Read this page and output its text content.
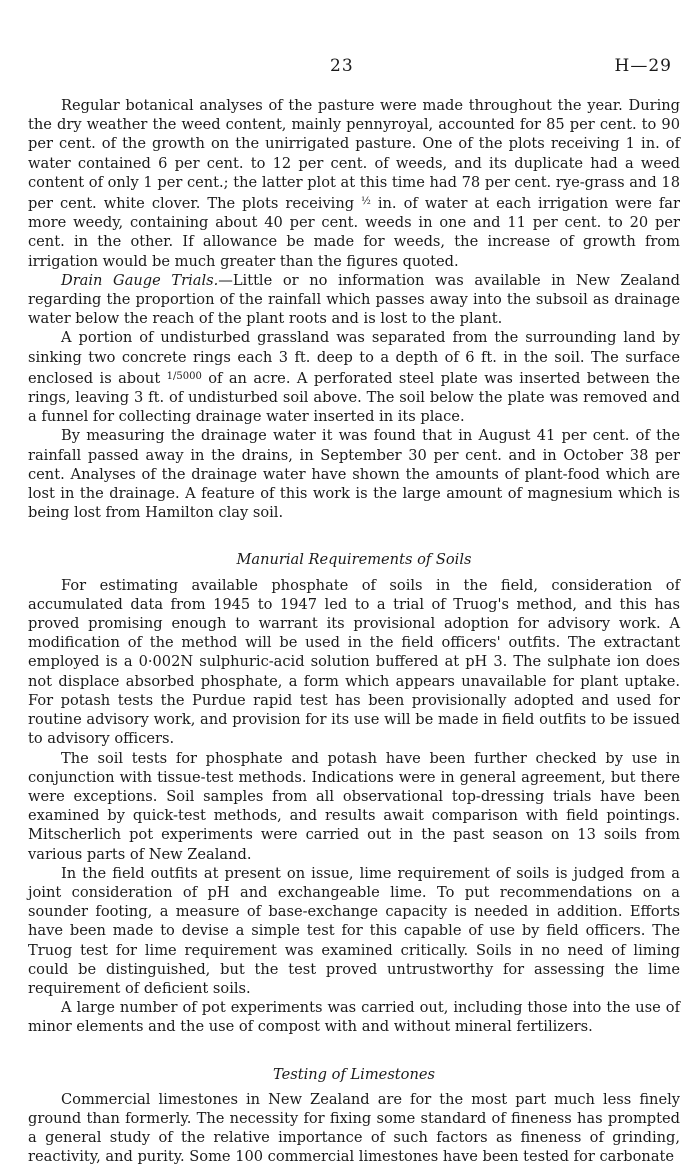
23	H—29

Regular botanical analyses of the pasture were made throughout the year. During the dry weather the weed content, mainly pennyroyal, accounted for 85 per cent. to 90 per cent. of the growth on the unirrigated pasture. One of the plots receiving 1 in. of water contained 6 per cent. to 12 per cent. of weeds, and its duplicate had a weed content of only 1 per cent.; the latter plot at this time had 78 per cent. rye-grass and 18 per cent. white clover. The plots receiving $^{\frac{1}{2}}$ in. of water at each irrigation were far more weedy, containing about 40 per cent. weeds in one and 11 per cent. to 20 per cent. in the other. If allowance be made for weeds, the increase of growth from irrigation would be much greater than the figures quoted.

Drain Gauge Trials.—Little or no information was available in New Zealand regarding the proportion of the rainfall which passes away into the subsoil as drainage water below the reach of the plant roots and is lost to the plant.

A portion of undisturbed grassland was separated from the surrounding land by sinking two concrete rings each 3 ft. deep to a depth of 6 ft. in the soil. The surface enclosed is about $^{1/5000}$ of an acre. A perforated steel plate was inserted between the rings, leaving 3 ft. of undisturbed soil above. The soil below the plate was removed and a funnel for collecting drainage water inserted in its place.

By measuring the drainage water it was found that in August 41 per cent. of the rainfall passed away in the drains, in September 30 per cent. and in October 38 per cent. Analyses of the drainage water have shown the amounts of plant-food which are lost in the drainage. A feature of this work is the large amount of magnesium which is being lost from Hamilton clay soil.

Manurial Requirements of Soils

For estimating available phosphate of soils in the field, consideration of accumulated data from 1945 to 1947 led to a trial of Truog's method, and this has proved promising enough to warrant its provisional adoption for advisory work. A modification of the method will be used in the field officers' outfits. The extractant employed is a 0·002N sulphuric-acid solution buffered at pH 3. The sulphate ion does not displace absorbed phosphate, a form which appears unavailable for plant uptake. For potash tests the Purdue rapid test has been provisionally adopted and used for routine advisory work, and provision for its use will be made in field outfits to be issued to advisory officers.

The soil tests for phosphate and potash have been further checked by use in conjunction with tissue-test methods. Indications were in general agreement, but there were exceptions. Soil samples from all observational top-dressing trials have been examined by quick-test methods, and results await comparison with field pointings. Mitscherlich pot experiments were carried out in the past season on 13 soils from various parts of New Zealand.

In the field outfits at present on issue, lime requirement of soils is judged from a joint consideration of pH and exchangeable lime. To put recommendations on a sounder footing, a measure of base-exchange capacity is needed in addition. Efforts have been made to devise a simple test for this capable of use by field officers. The Truog test for lime requirement was examined critically. Soils in no need of liming could be distinguished, but the test proved untrustworthy for assessing the lime requirement of deficient soils.

A large number of pot experiments was carried out, including those into the use of minor elements and the use of compost with and without mineral fertilizers.

Testing of Limestones

Commercial limestones in New Zealand are for the most part much less finely ground than formerly. The necessity for fixing some standard of fineness has prompted a general study of the relative importance of such factors as fineness of grinding, reactivity, and purity. Some 100 commercial limestones have been tested for carbonate
